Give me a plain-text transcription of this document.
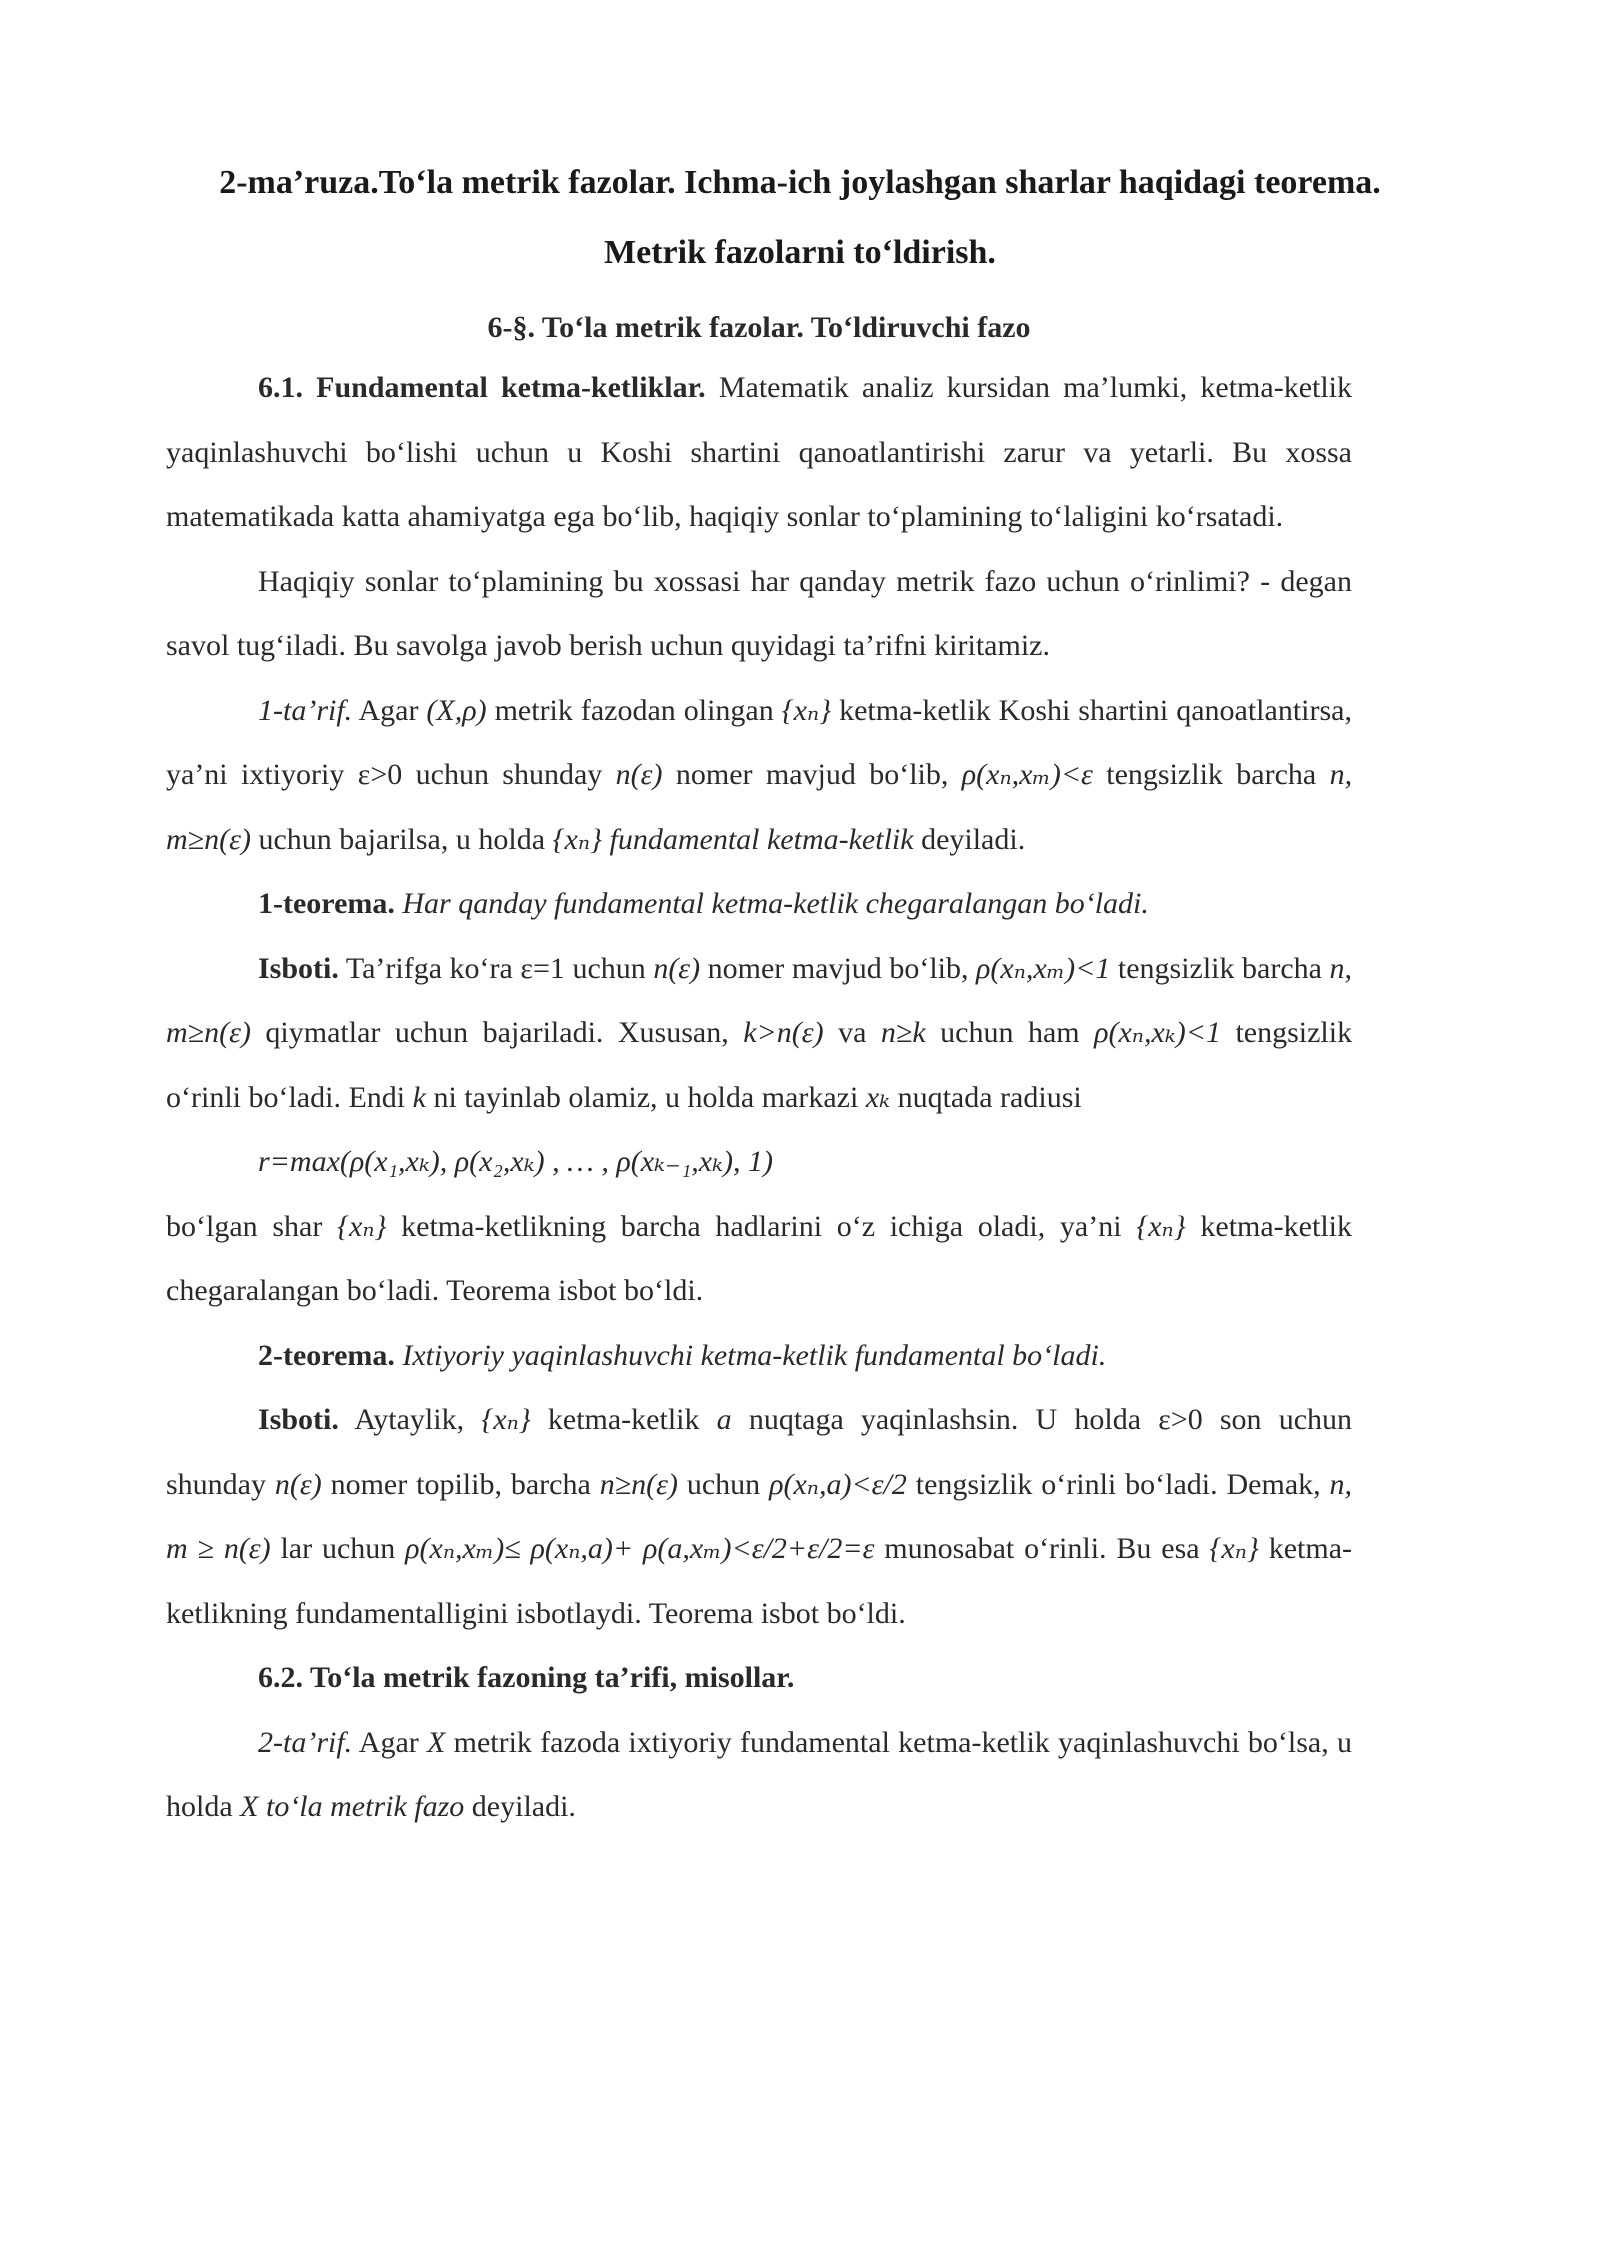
2-ma’ruza.To‘la metrik fazolar. Ichma-ich joylashgan sharlar haqidagi teorema.
Metrik fazolarni to‘ldirish.
6-§. To‘la metrik fazolar. To‘ldiruvchi fazo

6.1. Fundamental ketma-ketliklar. Matematik analiz kursidan ma’lumki, ketma-ketlik yaqinlashuvchi bo‘lishi uchun u Koshi shartini qanoatlantirishi zarur va yetarli. Bu xossa matematikada katta ahamiyatga ega bo‘lib, haqiqiy sonlar to‘plamining to‘laligini ko‘rsatadi.

Haqiqiy sonlar to‘plamining bu xossasi har qanday metrik fazo uchun o‘rinlimi? - degan savol tug‘iladi. Bu savolga javob berish uchun quyidagi ta’rifni kiritamiz.

1-ta’rif. Agar (X,ρ) metrik fazodan olingan {xₙ} ketma-ketlik Koshi shartini qanoatlantirsa, ya’ni ixtiyoriy ε>0 uchun shunday n(ε) nomer mavjud bo‘lib, ρ(xₙ,xₘ)<ε tengsizlik barcha n, m≥n(ε) uchun bajarilsa, u holda {xₙ} fundamental ketma-ketlik deyiladi.

1-teorema. Har qanday fundamental ketma-ketlik chegaralangan bo‘ladi.

Isboti. Ta’rifga ko‘ra ε=1 uchun n(ε) nomer mavjud bo‘lib, ρ(xₙ,xₘ)<1 tengsizlik barcha n, m≥n(ε) qiymatlar uchun bajariladi. Xususan, k>n(ε) va n≥k uchun ham ρ(xₙ,xₖ)<1 tengsizlik o‘rinli bo‘ladi. Endi k ni tayinlab olamiz, u holda markazi xₖ nuqtada radiusi

r=max(ρ(x₁,xₖ), ρ(x₂,xₖ) , … , ρ(xₖ₋₁,xₖ), 1)

bo‘lgan shar {xₙ} ketma-ketlikning barcha hadlarini o‘z ichiga oladi, ya’ni {xₙ} ketma-ketlik chegaralangan bo‘ladi. Teorema isbot bo‘ldi.

2-teorema. Ixtiyoriy yaqinlashuvchi ketma-ketlik fundamental bo‘ladi.

Isboti. Aytaylik, {xₙ} ketma-ketlik a nuqtaga yaqinlashsin. U holda ε>0 son uchun shunday n(ε) nomer topilib, barcha n≥n(ε) uchun ρ(xₙ,a)<ε/2 tengsizlik o‘rinli bo‘ladi. Demak, n, m ≥ n(ε) lar uchun ρ(xₙ,xₘ)≤ ρ(xₙ,a)+ ρ(a,xₘ)<ε/2+ε/2=ε munosabat o‘rinli. Bu esa {xₙ} ketma-ketlikning fundamentalligini isbotlaydi. Teorema isbot bo‘ldi.

6.2. To‘la metrik fazoning ta’rifi, misollar.

2-ta’rif. Agar X metrik fazoda ixtiyoriy fundamental ketma-ketlik yaqinlashuvchi bo‘lsa, u holda X to‘la metrik fazo deyiladi.
